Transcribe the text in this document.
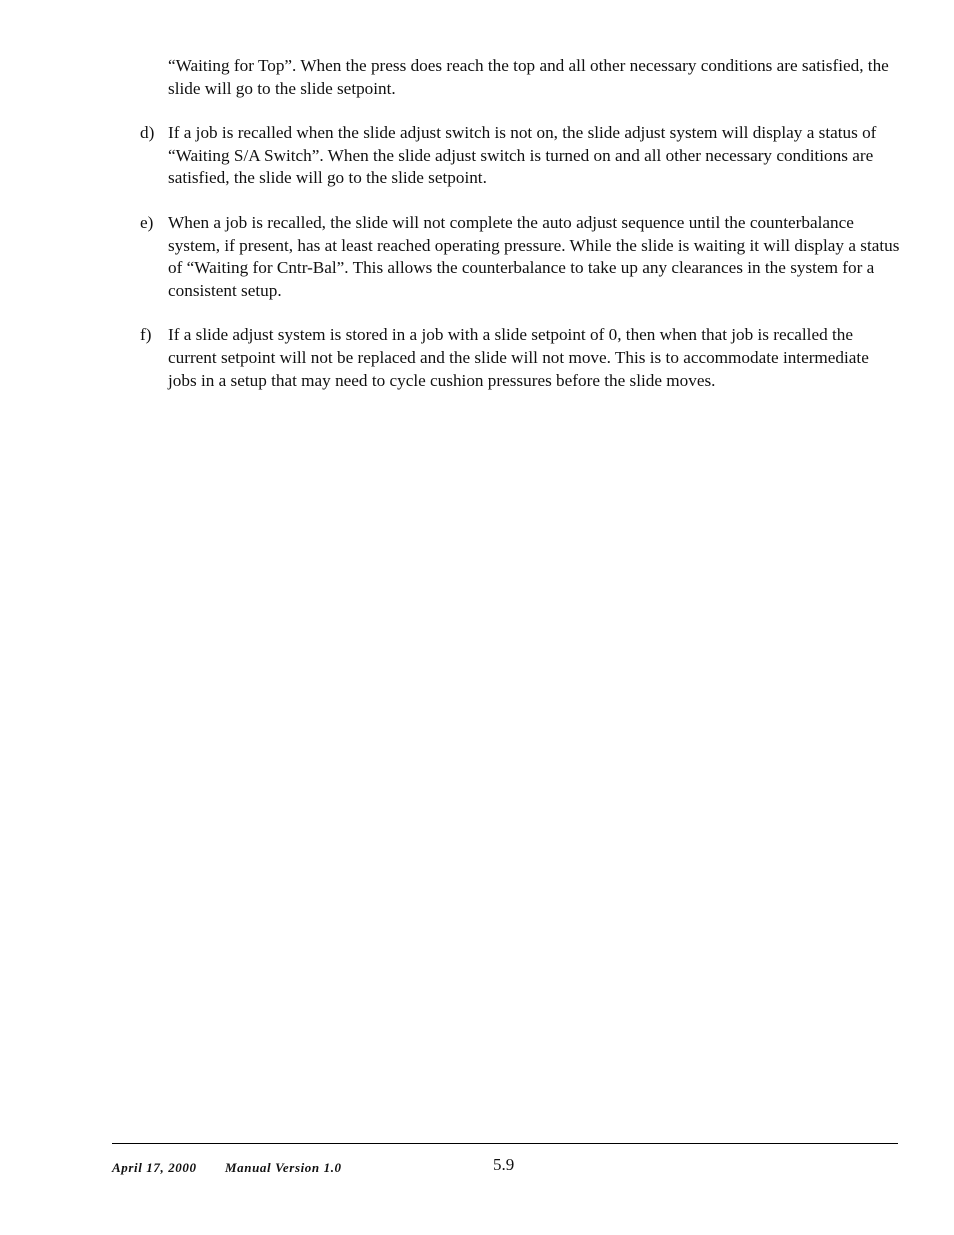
“Waiting for Top”. When the press does reach the top and all other necessary conditions are satisfied, the slide will go to the slide setpoint.

d) If a job is recalled when the slide adjust switch is not on, the slide adjust system will display a status of “Waiting S/A Switch”. When the slide adjust switch is turned on and all other necessary conditions are satisfied, the slide will go to the slide setpoint.
e) When a job is recalled, the slide will not complete the auto adjust sequence until the counterbalance system, if present, has at least reached operating pressure. While the slide is waiting it will display a status of “Waiting for Cntr-Bal”. This allows the counterbalance to take up any clearances in the system for a consistent setup.
f) If a slide adjust system is stored in a job with a slide setpoint of 0, then when that job is recalled the current setpoint will not be replaced and the slide will not move. This is to accommodate intermediate jobs in a setup that may need to cycle cushion pressures before the slide moves.
April 17, 2000 Manual Version 1.0	5.9
